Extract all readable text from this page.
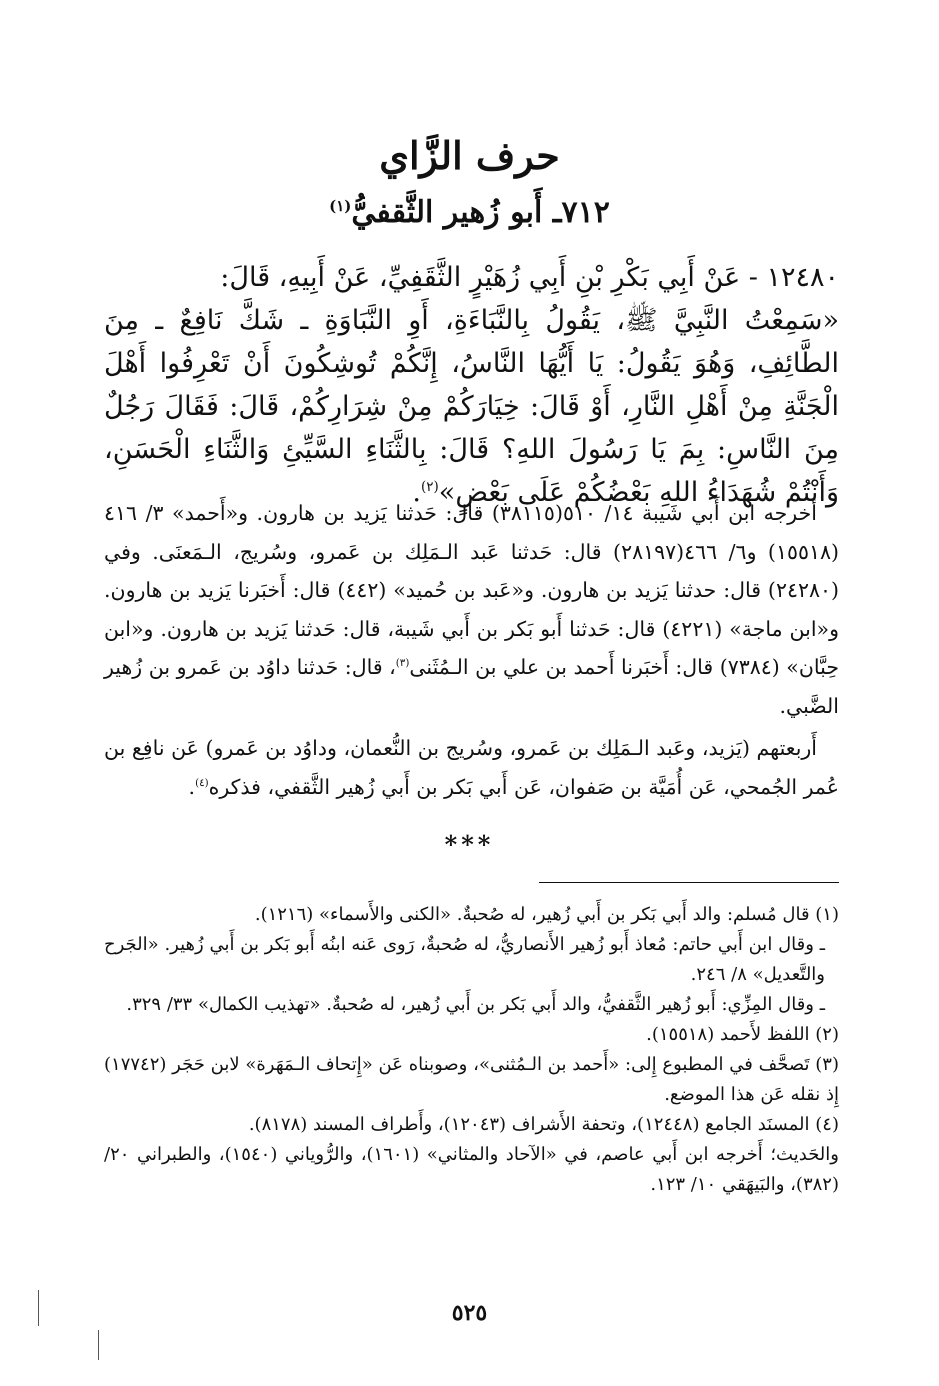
حرف الزَّاي
٧١٢ـ أَبو زُهير الثَّقفيُّ$^{(١)}$

١٢٤٨٠ - عَنْ أَبِي بَكْرِ بْنِ أَبِي زُهَيْرٍ الثَّقَفِيِّ، عَنْ أَبِيهِ، قَالَ:

«سَمِعْتُ النَّبِيَّ ﷺ، يَقُولُ بِالنَّبَاءَةِ، أَوِ النَّبَاوَةِ ـ شَكَّ نَافِعٌ ـ مِنَ الطَّائِفِ، وَهُوَ يَقُولُ: يَا أَيُّهَا النَّاسُ، إِنَّكُمْ تُوشِكُونَ أَنْ تَعْرِفُوا أَهْلَ الْجَنَّةِ مِنْ أَهْلِ النَّارِ، أَوْ قَالَ: خِيَارَكُمْ مِنْ شِرَارِكُمْ، قَالَ: فَقَالَ رَجُلٌ مِنَ النَّاسِ: بِمَ يَا رَسُولَ اللهِ؟ قَالَ: بِالثَّنَاءِ السَّيِّئِ وَالثَّنَاءِ الْحَسَنِ، وَأَنْتُمْ شُهَدَاءُ اللهِ بَعْضُكُمْ عَلَى بَعْضٍ»$^{(٢)}$.

أخرجه ابن أَبي شَيبة ١٤/ ٥١٠(٣٨١١٥) قال: حَدثنا يَزيد بن هارون. و«أَحمد» ٣/ ٤١٦ (١٥٥١٨) و٦/ ٤٦٦(٢٨١٩٧) قال: حَدثنا عَبد الـمَلِك بن عَمرو، وسُريج، الـمَعنَى. وفي (٢٤٢٨٠) قال: حدثنا يَزيد بن هارون. و«عَبد بن حُميد» (٤٤٢) قال: أَخبَرنا يَزيد بن هارون. و«ابن ماجة» (٤٢٢١) قال: حَدثنا أَبو بَكر بن أَبي شَيبة، قال: حَدثنا يَزيد بن هارون. و«ابن حِبَّان» (٧٣٨٤) قال: أَخبَرنا أَحمد بن علي بن الـمُثَنى$^{(٣)}$، قال: حَدثنا داوُد بن عَمرو بن زُهير الضَّبي.

أَربعتهم (يَزيد، وعَبد الـمَلِك بن عَمرو، وسُريج بن النُّعمان، وداوُد بن عَمرو) عَن نافِع بن عُمر الجُمحي، عَن أُمَيَّة بن صَفوان، عَن أَبي بَكر بن أَبي زُهير الثَّقفي، فذكره$^{(٤)}$.

***

(١) قال مُسلم: والد أَبي بَكر بن أَبي زُهير، له صُحبةٌ. «الكنى والأَسماء» (١٢١٦).

ـ وقال ابن أَبي حاتم: مُعاذ أَبو زُهير الأَنصاريُّ، له صُحبةٌ، رَوى عَنه ابنُه أَبو بَكر بن أَبي زُهير. «الجَرح والتَّعديل» ٨/ ٢٤٦.

ـ وقال المِزِّي: أَبو زُهير الثَّقفيُّ، والد أَبي بَكر بن أَبي زُهير، له صُحبةٌ. «تهذيب الكمال» ٣٣/ ٣٢٩.

(٢) اللفظ لأَحمد (١٥٥١٨).

(٣) تَصحَّف في المطبوع إِلى: «أَحمد بن الـمُثنى»، وصوبناه عَن «إِتحاف الـمَهَرة» لابن حَجَر (١٧٧٤٢) إِذ نقله عَن هذا الموضع.

(٤) المسنَد الجامع (١٢٤٤٨)، وتحفة الأَشراف (١٢٠٤٣)، وأَطراف المسند (٨١٧٨).

والحَديث؛ أَخرجه ابن أَبي عاصم، في «الآحاد والمثاني» (١٦٠١)، والرُّوياني (١٥٤٠)، والطبراني ٢٠/ (٣٨٢)، والبَيهَقي ١٠/ ١٢٣.

٥٢٥
